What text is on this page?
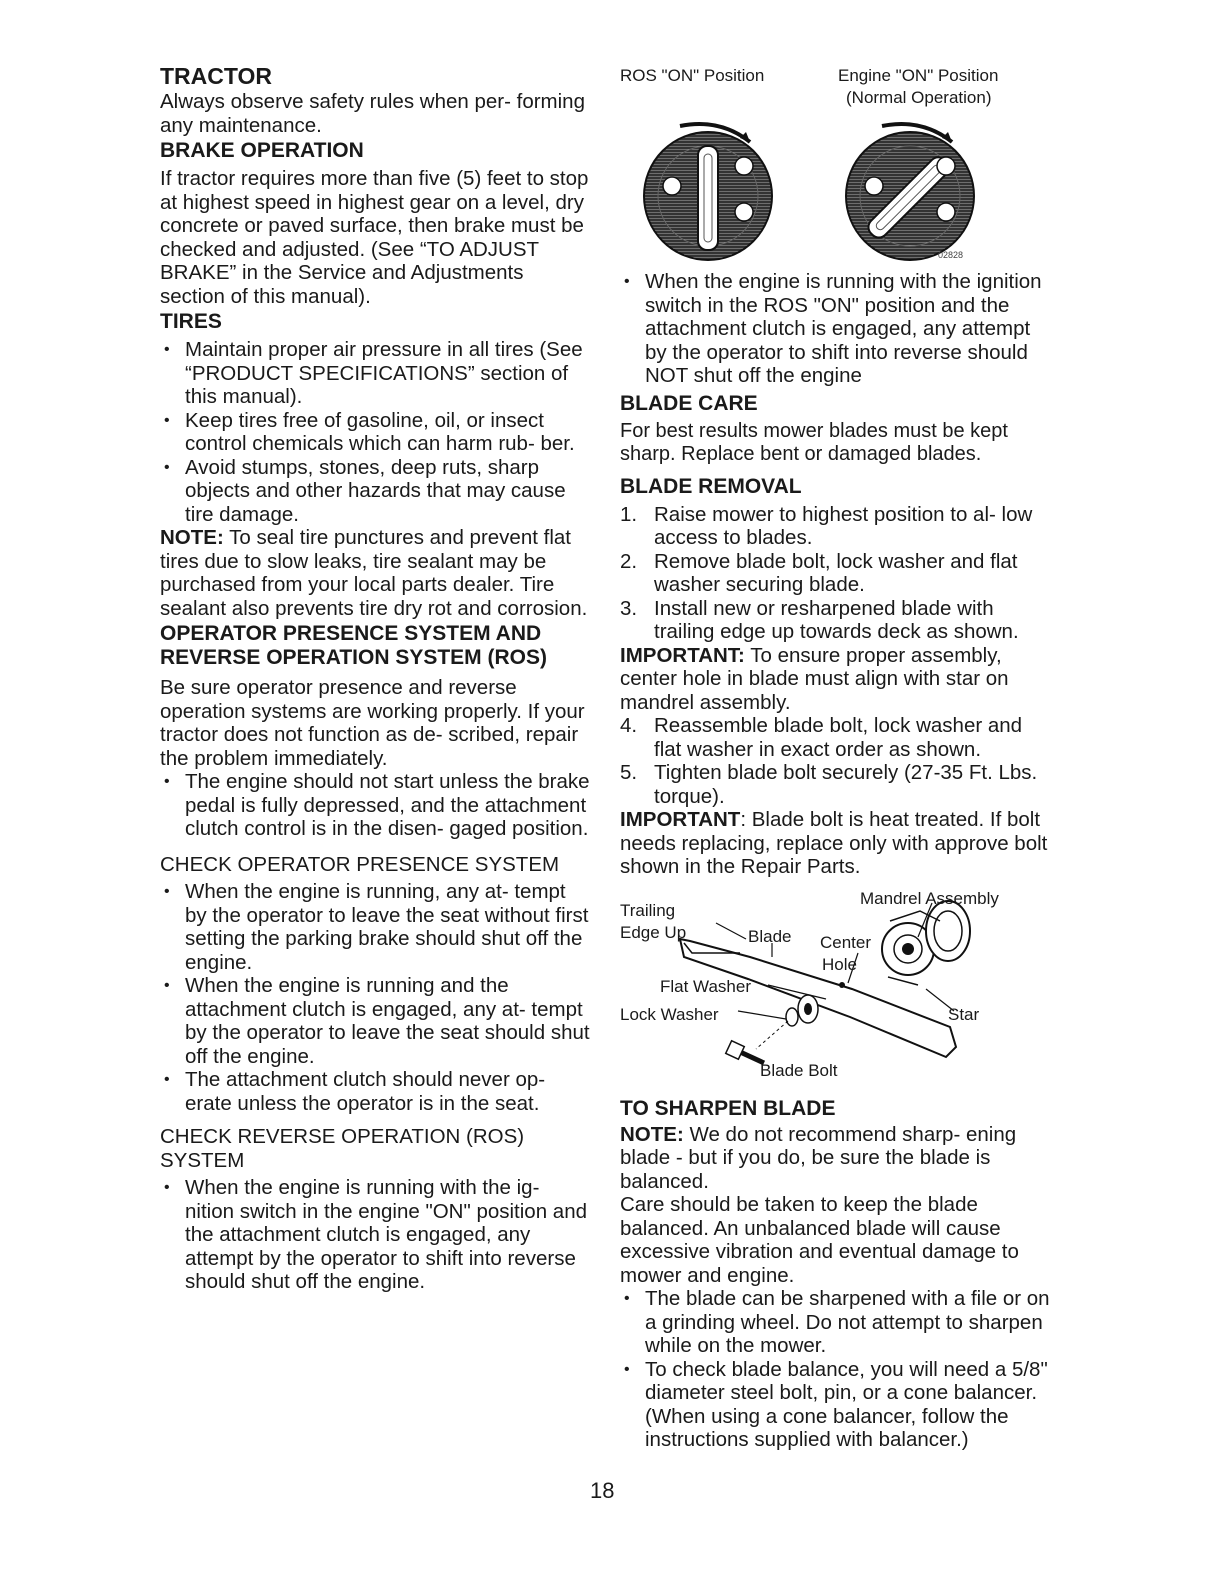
TRACTOR

Always observe safety rules when per- forming any maintenance.

BRAKE OPERATION

If tractor requires more than five (5) feet to stop at highest speed in highest gear on a level, dry concrete or paved surface, then brake must be checked and adjusted. (See “TO ADJUST BRAKE” in the Service and Adjustments section of this manual).

TIRES
• Maintain proper air pressure in all tires (See “PRODUCT SPECIFICATIONS” section of this manual).
• Keep tires free of gasoline, oil, or insect control chemicals which can harm rub- ber.
• Avoid stumps, stones, deep ruts, sharp objects and other hazards that may cause tire damage.

NOTE: To seal tire punctures and prevent flat tires due to slow leaks, tire sealant may be purchased from your local parts dealer. Tire sealant also prevents tire dry rot and corrosion.

OPERATOR PRESENCE SYSTEM AND REVERSE OPERATION SYSTEM (ROS)

Be sure operator presence and reverse operation systems are working properly. If your tractor does not function as de- scribed, repair the problem immediately.

• The engine should not start unless the brake pedal is fully depressed, and the attachment clutch control is in the disen- gaged position.
CHECK OPERATOR PRESENCE SYSTEM
• When the engine is running, any at- tempt by the operator to leave the seat without first setting the parking brake should shut off the engine.
• When the engine is running and the attachment clutch is engaged, any at- tempt by the operator to leave the seat should shut off the engine.
• The attachment clutch should never op- erate unless the operator is in the seat.
CHECK REVERSE OPERATION (ROS) SYSTEM
• When the engine is running with the ig- nition switch in the engine "ON" position and the attachment clutch is engaged, any attempt by the operator to shift into reverse should shut off the engine.
ROS "ON" Position	Engine "ON" Position
(Normal Operation)
02828
• When the engine is running with the ignition switch in the ROS "ON" position and the attachment clutch is engaged, any attempt by the operator to shift into reverse should NOT shut off the engine
BLADE CARE

For best results mower blades must be kept sharp. Replace bent or damaged blades.

BLADE REMOVAL
1. Raise mower to highest position to al- low access to blades.
2. Remove blade bolt, lock washer and flat washer securing blade.
3. Install new or resharpened blade with trailing edge up towards deck as shown.

IMPORTANT: To ensure proper assembly, center hole in blade must align with star on mandrel assembly.

4. Reassemble blade bolt, lock washer and flat washer in exact order as shown.
5. Tighten blade bolt securely (27-35 Ft. Lbs. torque).

IMPORTANT: Blade bolt is heat treated. If bolt needs replacing, replace only with approve bolt shown in the Repair Parts.

Trailing
Edge Up	Blade
Mandrel Assembly
Center
Hole
Flat Washer
Lock Washer	Star
Blade Bolt
TO SHARPEN BLADE

NOTE: We do not recommend sharp- ening blade - but if you do, be sure the blade is balanced.

Care should be taken to keep the blade balanced. An unbalanced blade will cause excessive vibration and eventual damage to mower and engine.

• The blade can be sharpened with a file or on a grinding wheel. Do not attempt to sharpen while on the mower.
• To check blade balance, you will need a 5/8" diameter steel bolt, pin, or a cone balancer. (When using a cone balancer, follow the instructions supplied with balancer.)
18
